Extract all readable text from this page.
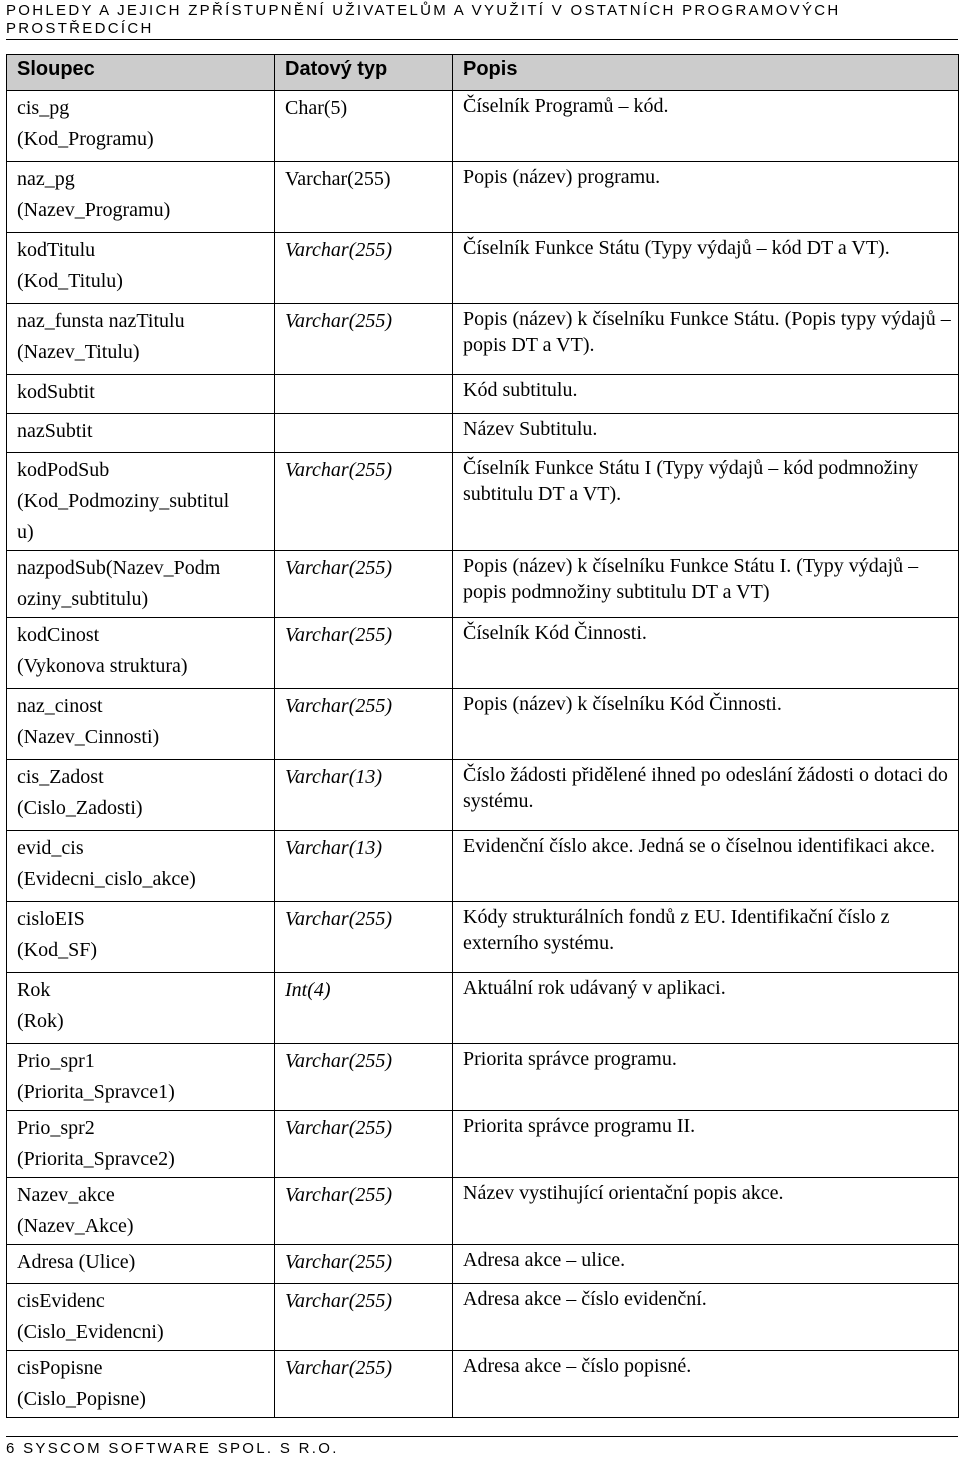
POHLEDY A JEJICH ZPŘÍSTUPNĚNÍ UŽIVATELŮM A VYUŽITÍ V OSTATNÍCH PROGRAMOVÝCH PROSTŘEDCÍCH
Sloupec	Datový typ	Popis
cis_pg
(Kod_Programu)	Char(5)	Číselník Programů – kód.
naz_pg
(Nazev_Programu)	Varchar(255)	Popis (název) programu.
kodTitulu
(Kod_Titulu)	Varchar(255)	Číselník Funkce Státu (Typy výdajů – kód DT a VT).
naz_funsta nazTitulu
(Nazev_Titulu)	Varchar(255)	Popis (název) k číselníku Funkce Státu. (Popis typy výdajů – popis DT a VT).
kodSubtit		Kód subtitulu.
nazSubtit		Název Subtitulu.
kodPodSub
(Kod_Podmoziny_subtitul
u)	Varchar(255)	Číselník Funkce Státu I (Typy výdajů – kód podmnožiny subtitulu DT a VT).
nazpodSub(Nazev_Podm
oziny_subtitulu)	Varchar(255)	Popis (název) k číselníku Funkce Státu I. (Typy výdajů – popis podmnožiny subtitulu DT a VT)
kodCinost
(Vykonova struktura)	Varchar(255)	Číselník Kód Činnosti.
naz_cinost
(Nazev_Cinnosti)	Varchar(255)	Popis (název) k číselníku Kód Činnosti.
cis_Zadost
(Cislo_Zadosti)	Varchar(13)	Číslo žádosti přidělené ihned po odeslání žádosti o dotaci do systému.
evid_cis
(Evidecni_cislo_akce)	Varchar(13)	Evidenční číslo akce. Jedná se o číselnou identifikaci akce.
cisloEIS
(Kod_SF)	Varchar(255)	Kódy strukturálních fondů z EU. Identifikační číslo z externího systému.
Rok
(Rok)	Int(4)	Aktuální rok udávaný v aplikaci.
Prio_spr1
(Priorita_Spravce1)	Varchar(255)	Priorita správce programu.
Prio_spr2
(Priorita_Spravce2)	Varchar(255)	Priorita správce programu II.
Nazev_akce
(Nazev_Akce)	Varchar(255)	Název vystihující orientační popis akce.
Adresa (Ulice)	Varchar(255)	Adresa akce – ulice.
cisEvidenc
(Cislo_Evidencni)	Varchar(255)	Adresa akce – číslo evidenční.
cisPopisne
(Cislo_Popisne)	Varchar(255)	Adresa akce – číslo popisné.
6 SYSCOM SOFTWARE SPOL. S R.O.
